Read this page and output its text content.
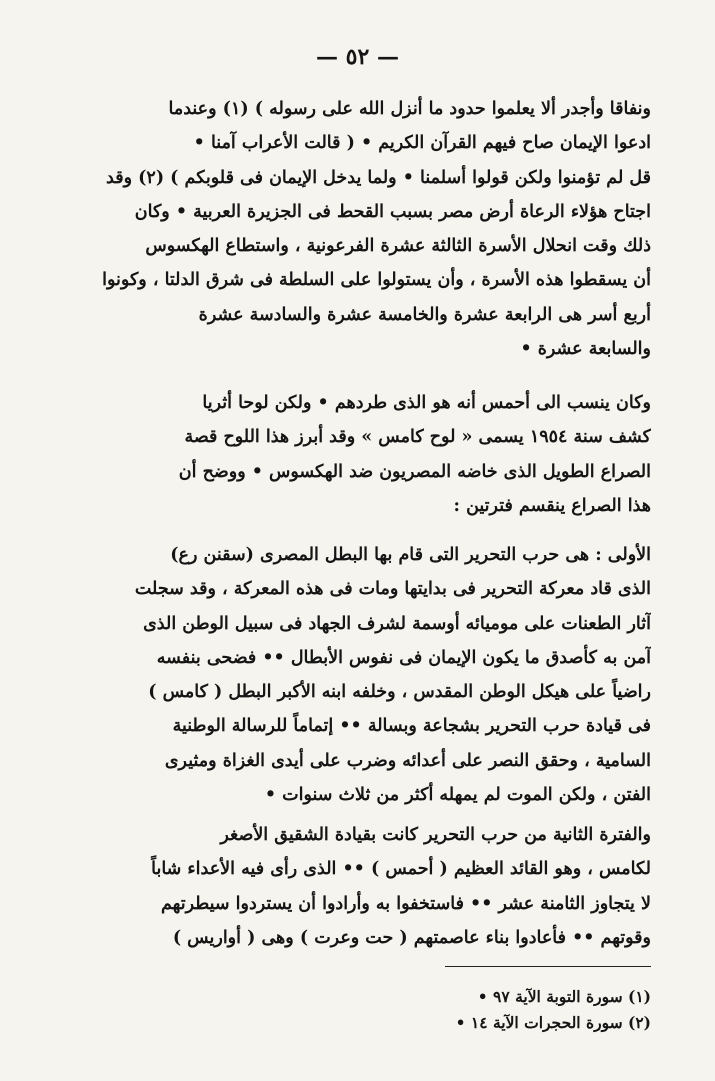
— ٥٢ —
ونفاقا وأجدر ألا يعلموا حدود ما أنزل الله على رسوله ) (١) وعندما
ادعوا الإيمان صاح فيهم القرآن الكريم • ( قالت الأعراب آمنا •
قل لم تؤمنوا ولكن قولوا أسلمنا • ولما يدخل الإيمان فى قلوبكم ) (٢) وقد
اجتاح هؤلاء الرعاة أرض مصر بسبب القحط فى الجزيرة العربية • وكان
ذلك وقت انحلال الأسرة الثالثة عشرة الفرعونية ، واستطاع الهكسوس
أن يسقطوا هذه الأسرة ، وأن يستولوا على السلطة فى شرق الدلتا ، وكونوا
أربع أسر هى الرابعة عشرة والخامسة عشرة والسادسة عشرة
والسابعة عشرة •
وكان ينسب الى أحمس أنه هو الذى طردهم • ولكن لوحا أثريا
كشف سنة ١٩٥٤ يسمى « لوح كامس » وقد أبرز هذا اللوح قصة
الصراع الطويل الذى خاضه المصريون ضد الهكسوس • ووضح أن
هذا الصراع ينقسم فترتين :
الأولى : هى حرب التحرير التى قام بها البطل المصرى (سقنن رع)
الذى قاد معركة التحرير فى بدايتها ومات فى هذه المعركة ، وقد سجلت
آثار الطعنات على موميائه أوسمة لشرف الجهاد فى سبيل الوطن الذى
آمن به كأصدق ما يكون الإيمان فى نفوس الأبطال •• فضحى بنفسه
راضياً على هيكل الوطن المقدس ، وخلفه ابنه الأكبر البطل ( كامس )
فى قيادة حرب التحرير بشجاعة وبسالة •• إتماماً للرسالة الوطنية
السامية ، وحقق النصر على أعدائه وضرب على أيدى الغزاة ومثيرى
الفتن ، ولكن الموت لم يمهله أكثر من ثلاث سنوات •
والفترة الثانية من حرب التحرير كانت بقيادة الشقيق الأصغر
لكامس ، وهو القائد العظيم ( أحمس ) •• الذى رأى فيه الأعداء شاباً
لا يتجاوز الثامنة عشر •• فاستخفوا به وأرادوا أن يستردوا سيطرتهم
وقوتهم •• فأعادوا بناء عاصمتهم ( حت وعرت ) وهى ( أواريس )
(١) سورة التوبة الآية ٩٧ •
(٢) سورة الحجرات الآية ١٤ •
